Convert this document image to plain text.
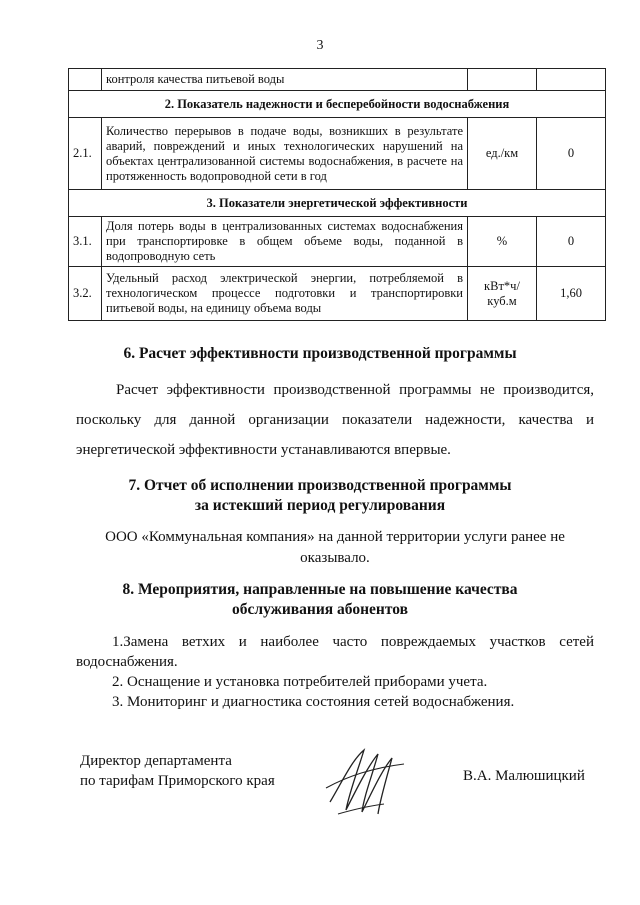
3
	контроля качества питьевой воды		
2. Показатель надежности и бесперебойности водоснабжения			
2.1.	Количество перерывов в подаче воды, возникших в результате аварий, повреждений и иных технологических нарушений на объектах централизованной системы водоснабжения, в расчете на протяженность водопроводной сети в год	ед./км	0
3. Показатели энергетической эффективности			
3.1.	Доля потерь воды в централизованных системах водоснабжения при транспортировке в общем объеме воды, поданной в водопроводную сеть	%	0
3.2.	Удельный расход электрической энергии, потребляемой в технологическом процессе подготовки и транспортировки питьевой воды, на единицу объема воды	кВт*ч/ куб.м	1,60
6. Расчет эффективности производственной программы
Расчет эффективности производственной программы не производится, поскольку для данной организации показатели надежности, качества и энергетической эффективности устанавливаются впервые.
7. Отчет об исполнении производственной программы
за истекший период регулирования
ООО «Коммунальная компания» на данной территории услуги ранее не оказывало.
8. Мероприятия, направленные на повышение качества
обслуживания абонентов

1.Замена ветхих и наиболее часто повреждаемых участков сетей водоснабжения.

2. Оснащение и установка потребителей приборами учета.

3. Мониторинг и диагностика состояния сетей водоснабжения.

Директор департамента

по тарифам Приморского края	В.А. Малюшицкий
